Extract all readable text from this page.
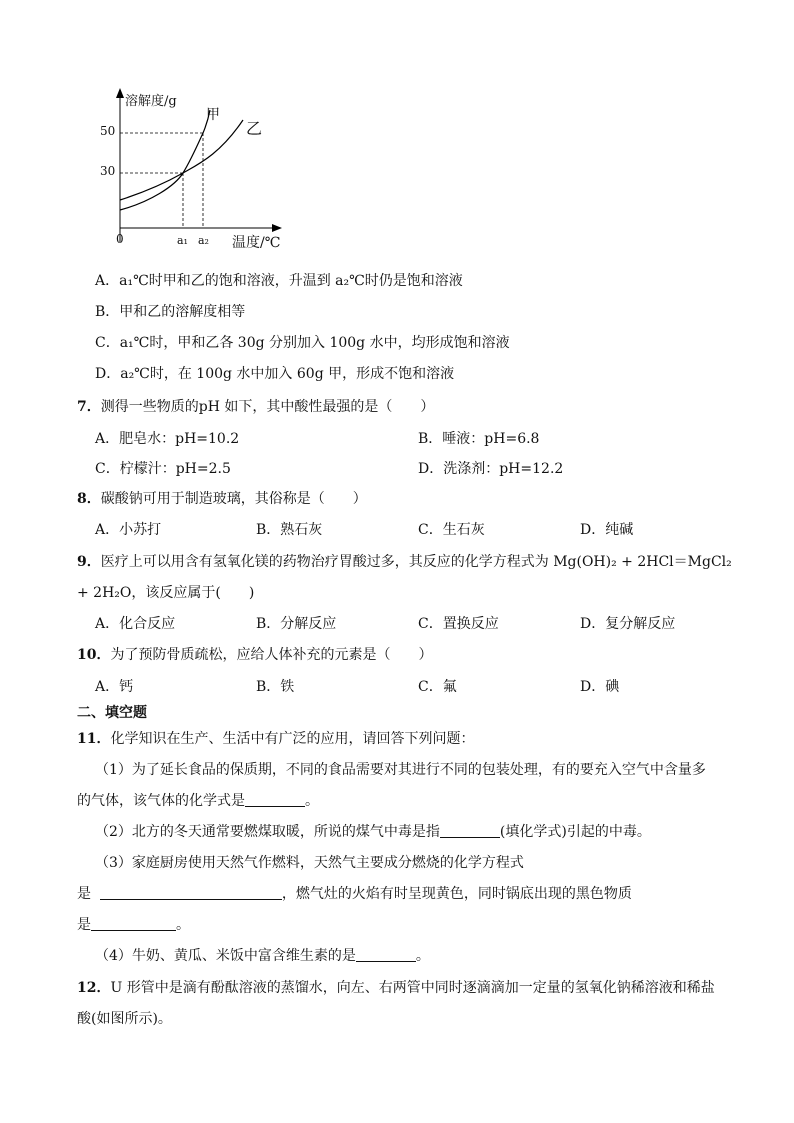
溶解度/g
50
30
0	a₁ a₂ 温度/℃
甲
乙
A．a₁℃时甲和乙的饱和溶液，升温到 a₂℃时仍是饱和溶液
B．甲和乙的溶解度相等
C．a₁℃时，甲和乙各 30g 分别加入 100g 水中，均形成饱和溶液
D．a₂℃时，在 100g 水中加入 60g 甲，形成不饱和溶液
7．测得一些物质的pH 如下，其中酸性最强的是（　　）
A．肥皂水：pH=10.2	B．唾液：pH=6.8
C．柠檬汁：pH=2.5	D．洗涤剂：pH=12.2
8．碳酸钠可用于制造玻璃，其俗称是（　　）
A．小苏打	B．熟石灰	C．生石灰	D．纯碱
9．医疗上可以用含有氢氧化镁的药物治疗胃酸过多，其反应的化学方程式为 Mg(OH)₂ + 2HCl＝MgCl₂
+ 2H₂O，该反应属于(　　)
A．化合反应	B．分解反应	C．置换反应	D．复分解反应
10．为了预防骨质疏松，应给人体补充的元素是（　　）
A．钙	B．铁	C．氟	D．碘
二、填空题
11．化学知识在生产、生活中有广泛的应用，请回答下列问题：
（1）为了延长食品的保质期，不同的食品需要对其进行不同的包装处理，有的要充入空气中含量多
的气体，该气体的化学式是	。
（2）北方的冬天通常要燃煤取暖，所说的煤气中毒是指	(填化学式)引起的中毒。
（3）家庭厨房使用天然气作燃料，天然气主要成分燃烧的化学方程式
是	，燃气灶的火焰有时呈现黄色，同时锅底出现的黑色物质
是	。
（4）牛奶、黄瓜、米饭中富含维生素的是	。
12．U 形管中是滴有酚酞溶液的蒸馏水，向左、右两管中同时逐滴滴加一定量的氢氧化钠稀溶液和稀盐
酸(如图所示)。
